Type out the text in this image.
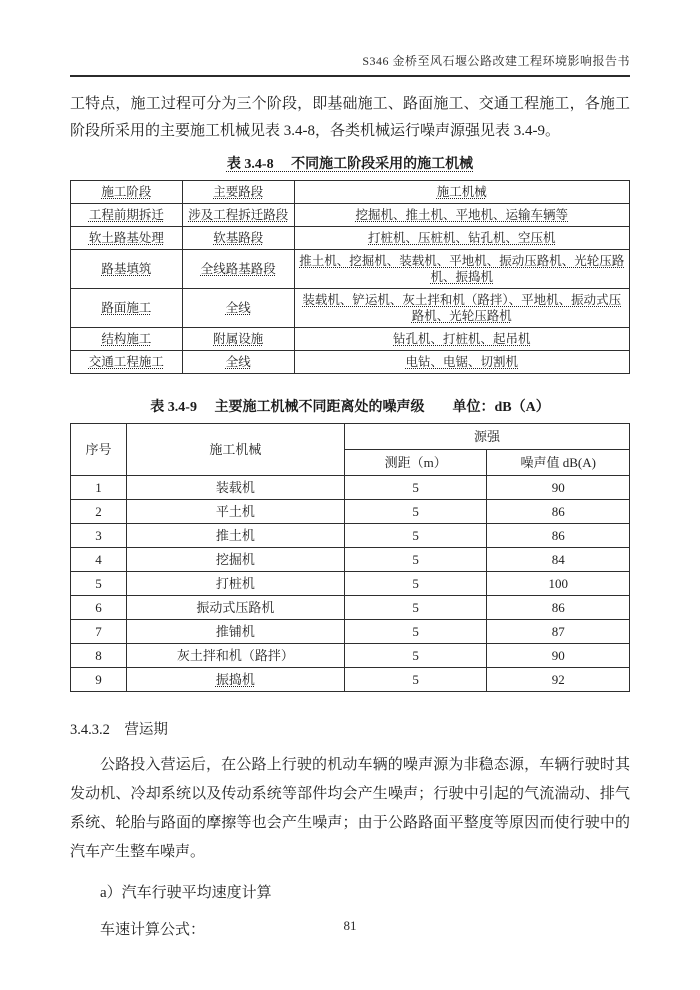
S346 金桥至风石堰公路改建工程环境影响报告书

工特点，施工过程可分为三个阶段，即基础施工、路面施工、交通工程施工，各施工阶段所采用的主要施工机械见表 3.4-8，各类机械运行噪声源强见表 3.4-9。

表 3.4-8　 不同施工阶段采用的施工机械
施工阶段	主要路段	施工机械
工程前期拆迁	涉及工程拆迁路段	挖掘机、推土机、平地机、运输车辆等
软土路基处理	软基路段	打桩机、压桩机、钻孔机、空压机
路基填筑	全线路基路段	推土机、挖掘机、装载机、平地机、振动压路机、光轮压路机、振捣机
路面施工	全线	装载机、铲运机、灰土拌和机（路拌）、平地机、振动式压路机、光轮压路机
结构施工	附属设施	钻孔机、打桩机、起吊机
交通工程施工	全线	电钻、电锯、切割机
表 3.4-9　 主要施工机械不同距离处的噪声级　　单位：dB（A）
序号	施工机械	源强	
		测距（m）	噪声值 dB(A)
1	装载机	5	90
2	平土机	5	86
3	推土机	5	86
4	挖掘机	5	84
5	打桩机	5	100
6	振动式压路机	5	86
7	推铺机	5	87
8	灰土拌和机（路拌）	5	90
9	振捣机	5	92
3.4.3.2　营运期

公路投入营运后，在公路上行驶的机动车辆的噪声源为非稳态源，车辆行驶时其发动机、冷却系统以及传动系统等部件均会产生噪声；行驶中引起的气流湍动、排气系统、轮胎与路面的摩擦等也会产生噪声；由于公路路面平整度等原因而使行驶中的汽车产生整车噪声。

a）汽车行驶平均速度计算

车速计算公式：	81
